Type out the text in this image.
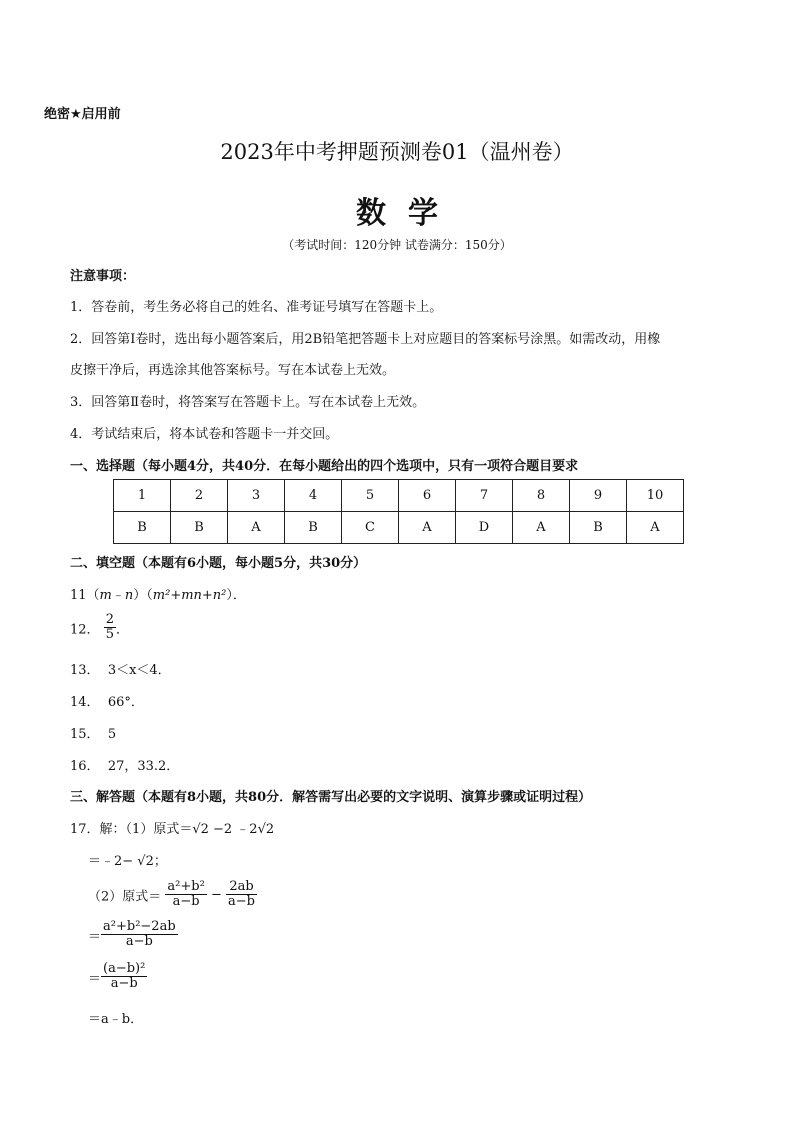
绝密★启用前
2023年中考押题预测卷01（温州卷）
数学
（考试时间：120分钟 试卷满分：150分）
注意事项：
1．答卷前，考生务必将自己的姓名、准考证号填写在答题卡上。
2．回答第Ⅰ卷时，选出每小题答案后，用2B铅笔把答题卡上对应题目的答案标号涂黑。如需改动，用橡
皮擦干净后，再选涂其他答案标号。写在本试卷上无效。
3．回答第Ⅱ卷时，将答案写在答题卡上。写在本试卷上无效。
4．考试结束后，将本试卷和答题卡一并交回。
一、选择题（每小题4分，共40分．在每小题给出的四个选项中，只有一项符合题目要求
1	2	3	4	5	6	7	8	9	10
B	B	A	B	C	A	D	A	B	A
二、填空题（本题有6小题，每小题5分，共30分）
11（m﹣n）（m²+mn+n²）．
12． $\frac{2}{5}$ ．
13． 3＜x＜4．
14． 66°．
15． 5
16． 27，33.2．
三、解答题（本题有8小题，共80分．解答需写出必要的文字说明、演算步骤或证明过程）
17．解：（1）原式＝√2 −2 ﹣2√2
＝﹣2− √2；
（2）原式＝ $\frac{\text{a²+b²}}{a-b} - \frac{2ab}{a-b}$
＝ $\frac{\text{a²+b²−2ab}}{a-b}$
＝ $\frac{\text{(a−b)²}}{a-b}$
＝a﹣b．
